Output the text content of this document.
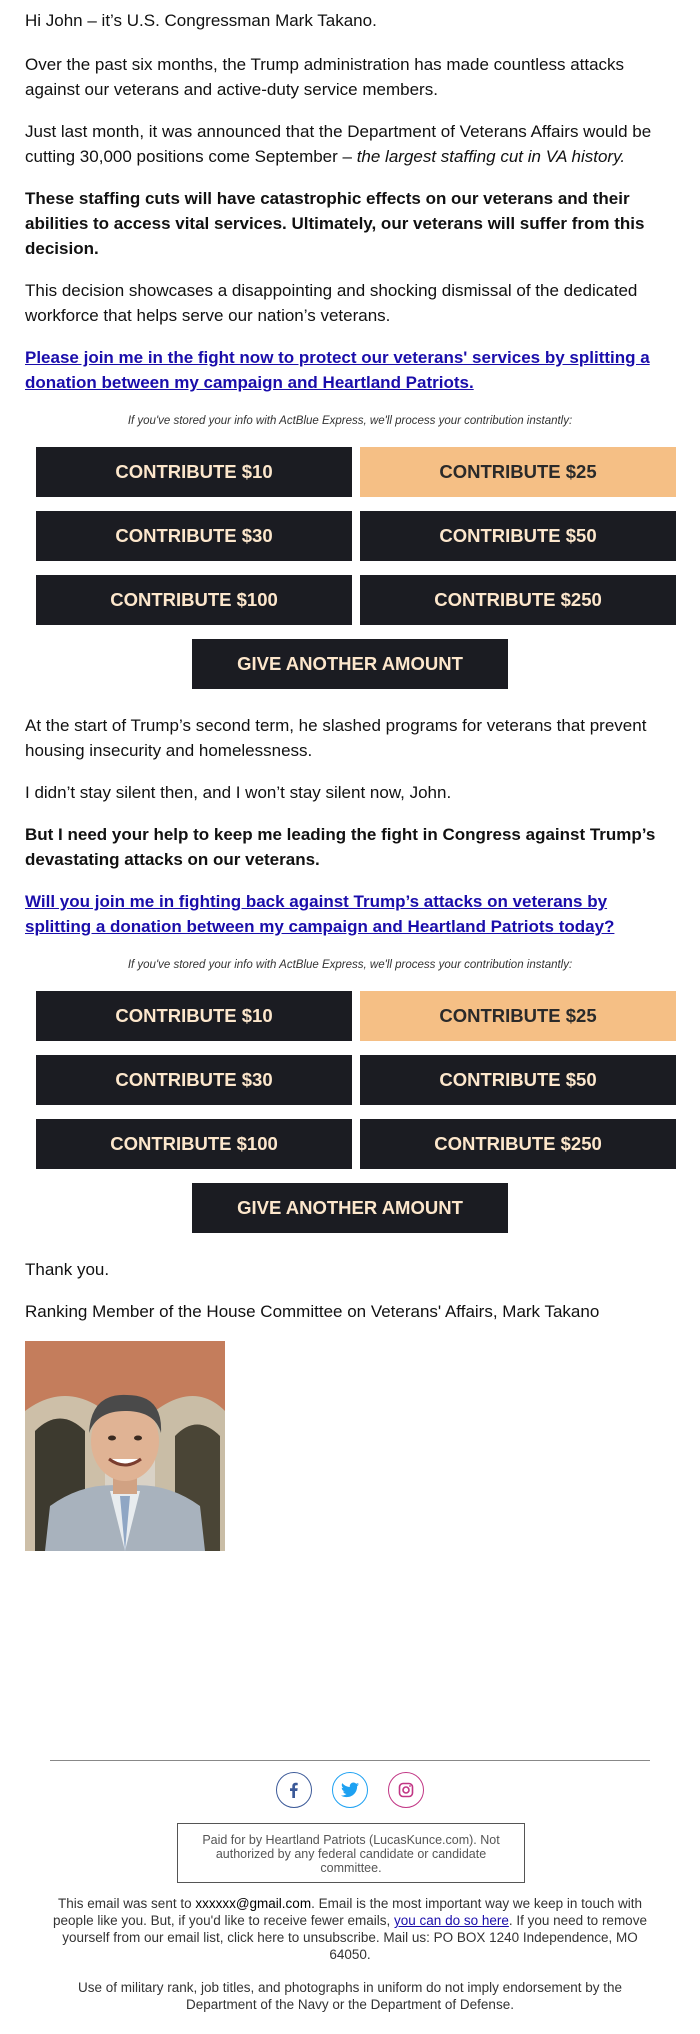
Hi John – it’s U.S. Congressman Mark Takano.

Over the past six months, the Trump administration has made countless attacks against our veterans and active-duty service members.

Just last month, it was announced that the Department of Veterans Affairs would be cutting 30,000 positions come September – the largest staffing cut in VA history.

These staffing cuts will have catastrophic effects on our veterans and their abilities to access vital services. Ultimately, our veterans will suffer from this decision.

This decision showcases a disappointing and shocking dismissal of the dedicated workforce that helps serve our nation’s veterans.

Please join me in the fight now to protect our veterans' services by splitting a donation between my campaign and Heartland Patriots.

If you've stored your info with ActBlue Express, we'll process your contribution instantly:

CONTRIBUTE $10	CONTRIBUTE $25
CONTRIBUTE $30	CONTRIBUTE $50
CONTRIBUTE $100	CONTRIBUTE $250
GIVE ANOTHER AMOUNT

At the start of Trump’s second term, he slashed programs for veterans that prevent housing insecurity and homelessness.

I didn’t stay silent then, and I won’t stay silent now, John.

But I need your help to keep me leading the fight in Congress against Trump’s devastating attacks on our veterans.

Will you join me in fighting back against Trump’s attacks on veterans by splitting a donation between my campaign and Heartland Patriots today?

If you've stored your info with ActBlue Express, we'll process your contribution instantly:

CONTRIBUTE $10	CONTRIBUTE $25
CONTRIBUTE $30	CONTRIBUTE $50
CONTRIBUTE $100	CONTRIBUTE $250
GIVE ANOTHER AMOUNT

Thank you.

Ranking Member of the House Committee on Veterans' Affairs, Mark Takano

Paid for by Heartland Patriots (LucasKunce.com). Not authorized by any federal candidate or candidate committee.

This email was sent to xxxxxx@gmail.com. Email is the most important way we keep in touch with people like you. But, if you'd like to receive fewer emails, you can do so here. If you need to remove yourself from our email list, click here to unsubscribe. Mail us: PO BOX 1240 Independence, MO 64050.

Use of military rank, job titles, and photographs in uniform do not imply endorsement by the Department of the Navy or the Department of Defense.
